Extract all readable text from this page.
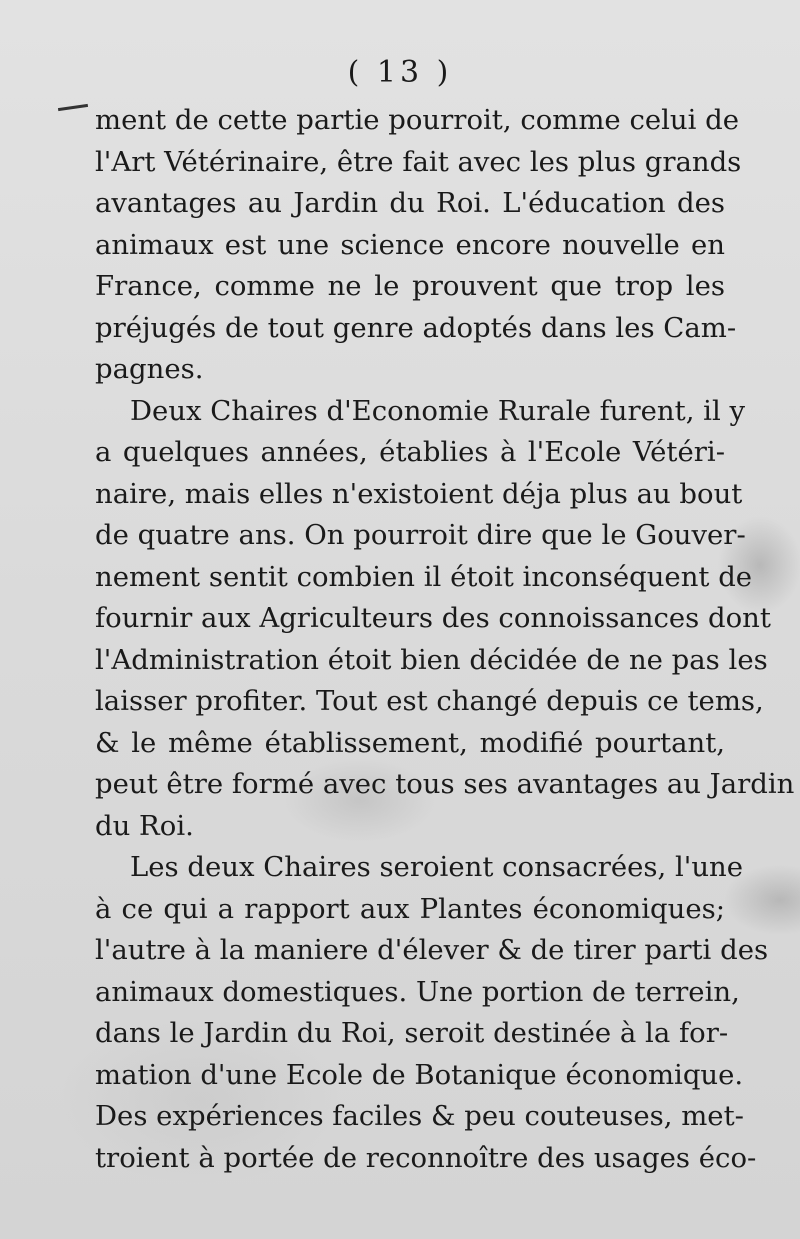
( 13 )
ment de cette partie pourroit, comme celui de
l'Art Vétérinaire, être fait avec les plus grands
avantages au Jardin du Roi. L'éducation des
animaux est une science encore nouvelle en
France, comme ne le prouvent que trop les
préjugés de tout genre adoptés dans les Cam-
pagnes.
Deux Chaires d'Economie Rurale furent, il y
a quelques années, établies à l'Ecole Vétéri-
naire, mais elles n'existoient déja plus au bout
de quatre ans. On pourroit dire que le Gouver-
nement sentit combien il étoit inconséquent de
fournir aux Agriculteurs des connoissances dont
l'Administration étoit bien décidée de ne pas les
laisser profiter. Tout est changé depuis ce tems,
& le même établissement, modifié pourtant,
peut être formé avec tous ses avantages au Jardin
du Roi.
Les deux Chaires seroient consacrées, l'une
à ce qui a rapport aux Plantes économiques;
l'autre à la maniere d'élever & de tirer parti des
animaux domestiques. Une portion de terrein,
dans le Jardin du Roi, seroit destinée à la for-
mation d'une Ecole de Botanique économique.
Des expériences faciles & peu couteuses, met-
troient à portée de reconnoître des usages éco-
